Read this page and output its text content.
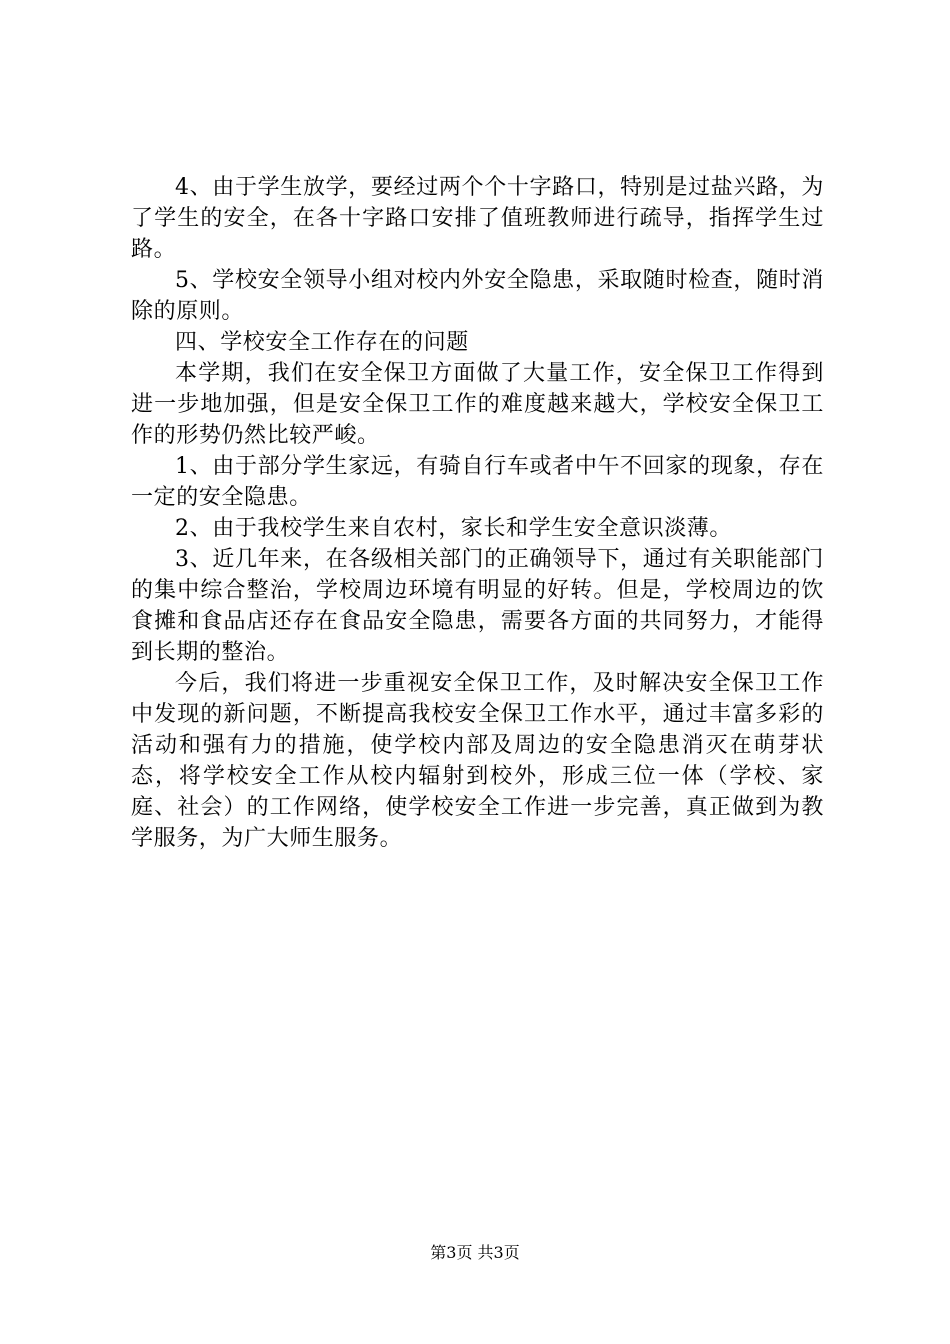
4、由于学生放学，要经过两个个十字路口，特别是过盐兴路，为了学生的安全，在各十字路口安排了值班教师进行疏导，指挥学生过路。

5、学校安全领导小组对校内外安全隐患，采取随时检查，随时消除的原则。

四、学校安全工作存在的问题

本学期，我们在安全保卫方面做了大量工作，安全保卫工作得到进一步地加强，但是安全保卫工作的难度越来越大，学校安全保卫工作的形势仍然比较严峻。

1、由于部分学生家远，有骑自行车或者中午不回家的现象，存在一定的安全隐患。

2、由于我校学生来自农村，家长和学生安全意识淡薄。

3、近几年来，在各级相关部门的正确领导下，通过有关职能部门的集中综合整治，学校周边环境有明显的好转。但是，学校周边的饮食摊和食品店还存在食品安全隐患，需要各方面的共同努力，才能得到长期的整治。

今后，我们将进一步重视安全保卫工作，及时解决安全保卫工作中发现的新问题，不断提高我校安全保卫工作水平，通过丰富多彩的活动和强有力的措施，使学校内部及周边的安全隐患消灭在萌芽状态，将学校安全工作从校内辐射到校外，形成三位一体（学校、家庭、社会）的工作网络，使学校安全工作进一步完善，真正做到为教学服务，为广大师生服务。

第3页 共3页
